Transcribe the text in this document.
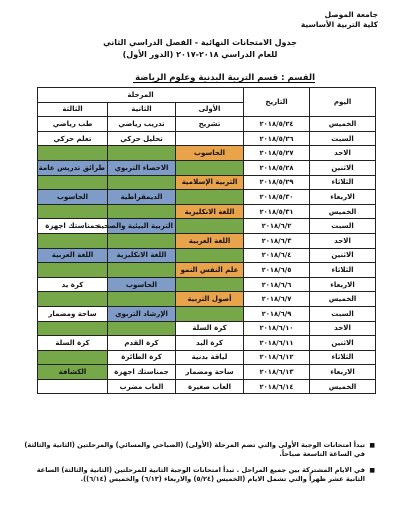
جامعة الموصل
كلية التربية الأساسية
جدول الامتحانات النهائية - الفصل الدراسي الثاني
للعام الدراسي ٢٠١٨-٢٠١٧ (الدور الأول)
القسم : قسم التربية البدنية وعلوم الرياضة
اليوم	التاريخ	المرحلة		
		الأولى	الثانية	الثالثة
الخميس	٢٠١٨/٥/٢٤	تشريح	تدريب رياضي	طب رياضي
السبت	٢٠١٨/٥/٢٦		تحليل حركي	تعلم حركي
الاحد	٢٠١٨/٥/٢٧	الحاسوب		
الاثنين	٢٠١٨/٥/٢٨		الاحصاء التربوي	طرائق تدريس عامة
الثلاثاء	٢٠١٨/٥/٢٩	التربية الإسلامية		
الاربعاء	٢٠١٨/٥/٣٠		الديمقراطية	الحاسوب
الخميس	٢٠١٨/٥/٣١	اللغة الانكليزية		
السبت	٢٠١٨/٦/٢		التربية البيئية والصحية	جمناستك اجهزة
الاحد	٢٠١٨/٦/٣	اللغة العربية		
الاثنين	٢٠١٨/٦/٤		اللغة الانكليزية	اللغة العربية
الثلاثاء	٢٠١٨/٦/٥	علم النفس النمو		
الاربعاء	٢٠١٨/٦/٦		الحاسوب	كرة يد
الخميس	٢٠١٨/٦/٧	أصول التربية		
السبت	٢٠١٨/٦/٩		الإرشاد التربوي	ساحة ومضمار
الاحد	٢٠١٨/٦/١٠	كرة السلة		
الاثنين	٢٠١٨/٦/١١	كرة اليد	كرة القدم	كرة السلة
الثلاثاء	٢٠١٨/٦/١٢	لياقة بدنية	كرة الطائرة	
الاربعاء	٢٠١٨/٦/١٣	ساحة ومضمار	جمناستك اجهزة	الكشافة
الخميس	٢٠١٨/٦/١٤	العاب صغيرة	العاب مضرب	
■ تبدأ امتحانات الوجبة الأولى والتي تضم المرحلة (الأولى) (الصباحي والمسائي) والمرحلتين (الثانية والثالثة) في الساعة التاسعة صباحاً.
■ في الايام المشتركة بين جميع المراحل . تبدأ امتحانات الوجبة الثانية للمرحلتين (الثانية والثالثة) الساعة الثانية عشر ظهراً والتي تشمل الايام (الخميس (٥/٢٤) والاربعاء (٦/١٣) والخميس (٦/١٤)).
